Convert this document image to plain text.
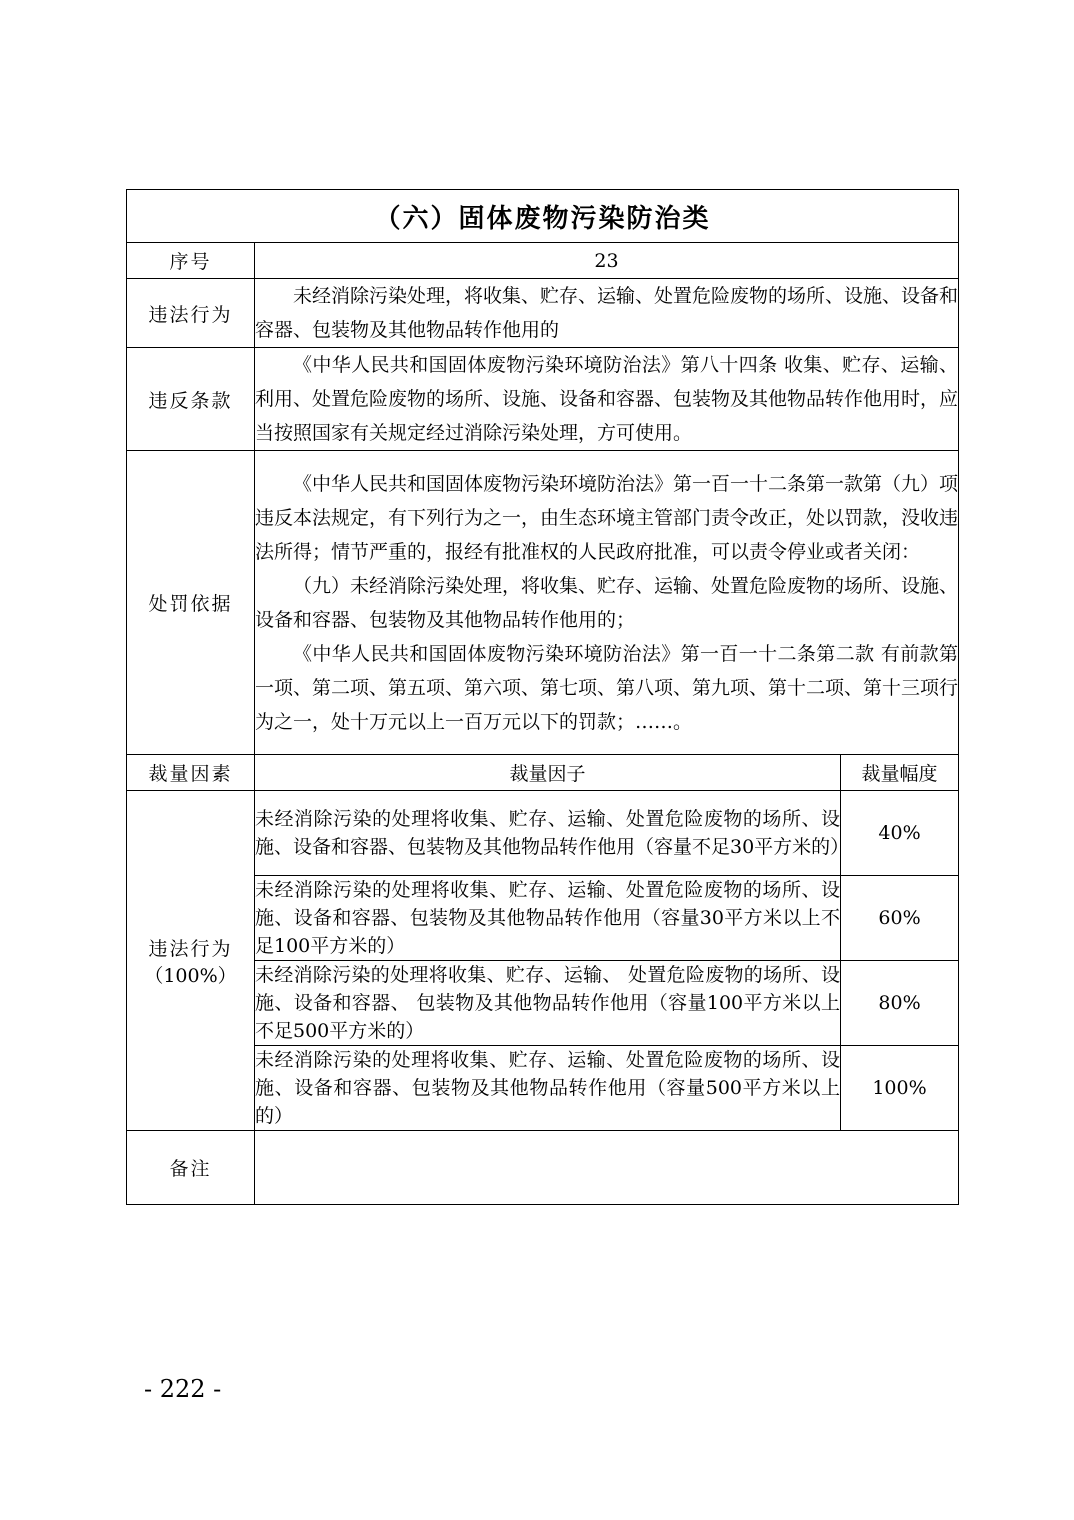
（六）固体废物污染防治类		
序号	23	
违法行为	未经消除污染处理，将收集、贮存、运输、处置危险废物的场所、设施、设备和容器、包装物及其他物品转作他用的	

违反条款	《中华人民共和国固体废物污染环境防治法》第八十四条 收集、贮存、运输、利用、处置危险废物的场所、设施、设备和容器、包装物及其他物品转作他用时，应当按照国家有关规定经过消除污染处理，方可使用。	

处罚依据	《中华人民共和国固体废物污染环境防治法》第一百一十二条第一款第（九）项 违反本法规定，有下列行为之一，由生态环境主管部门责令改正，处以罚款，没收违法所得；情节严重的，报经有批准权的人民政府批准，可以责令停业或者关闭：

（九）未经消除污染处理，将收集、贮存、运输、处置危险废物的场所、设施、设备和容器、包装物及其他物品转作他用的；

《中华人民共和国固体废物污染环境防治法》第一百一十二条第二款 有前款第一项、第二项、第五项、第六项、第七项、第八项、第九项、第十二项、第十三项行为之一，处十万元以上一百万元以下的罚款；……。	

裁量因素	裁量因子	裁量幅度

违法行为
（100%）	未经消除污染的处理将收集、贮存、运输、处置危险废物的场所、设施、设备和容器、包装物及其他物品转作他用（容量不足30平方米的）	40%
	未经消除污染的处理将收集、贮存、运输、处置危险废物的场所、设施、设备和容器、包装物及其他物品转作他用（容量30平方米以上不足100平方米的）	60%
	未经消除污染的处理将收集、贮存、运输、 处置危险废物的场所、设施、设备和容器、 包装物及其他物品转作他用（容量100平方米以上不足500平方米的）	80%
	未经消除污染的处理将收集、贮存、运输、处置危险废物的场所、设施、设备和容器、包装物及其他物品转作他用（容量500平方米以上的）	100%
备注		
- 222 -
